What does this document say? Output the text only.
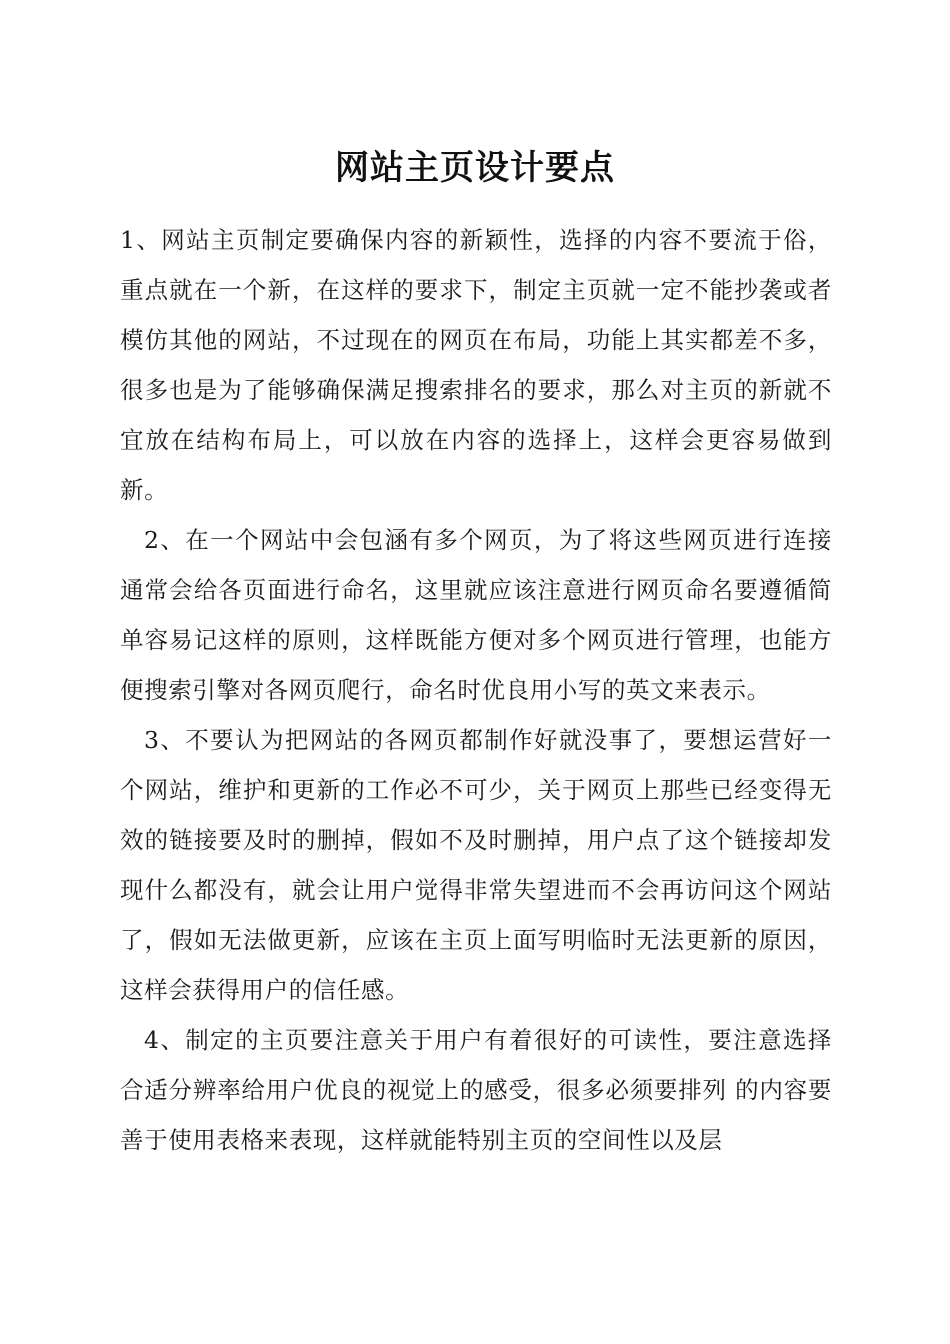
网站主页设计要点

1、网站主页制定要确保内容的新颖性，选择的内容不要流于俗，重点就在一个新，在这样的要求下，制定主页就一定不能抄袭或者模仿其他的网站，不过现在的网页在布局，功能上其实都差不多，很多也是为了能够确保满足搜索排名的要求，那么对主页的新就不宜放在结构布局上，可以放在内容的选择上，这样会更容易做到新。

2、在一个网站中会包涵有多个网页，为了将这些网页进行连接通常会给各页面进行命名，这里就应该注意进行网页命名要遵循简单容易记这样的原则，这样既能方便对多个网页进行管理，也能方便搜索引擎对各网页爬行，命名时优良用小写的英文来表示。

3、不要认为把网站的各网页都制作好就没事了，要想运营好一个网站，维护和更新的工作必不可少，关于网页上那些已经变得无效的链接要及时的删掉，假如不及时删掉，用户点了这个链接却发现什么都没有，就会让用户觉得非常失望进而不会再访问这个网站了，假如无法做更新，应该在主页上面写明临时无法更新的原因，这样会获得用户的信任感。

4、制定的主页要注意关于用户有着很好的可读性，要注意选择合适分辨率给用户优良的视觉上的感受，很多必须要排列 的内容要善于使用表格来表现，这样就能特别主页的空间性以及层
